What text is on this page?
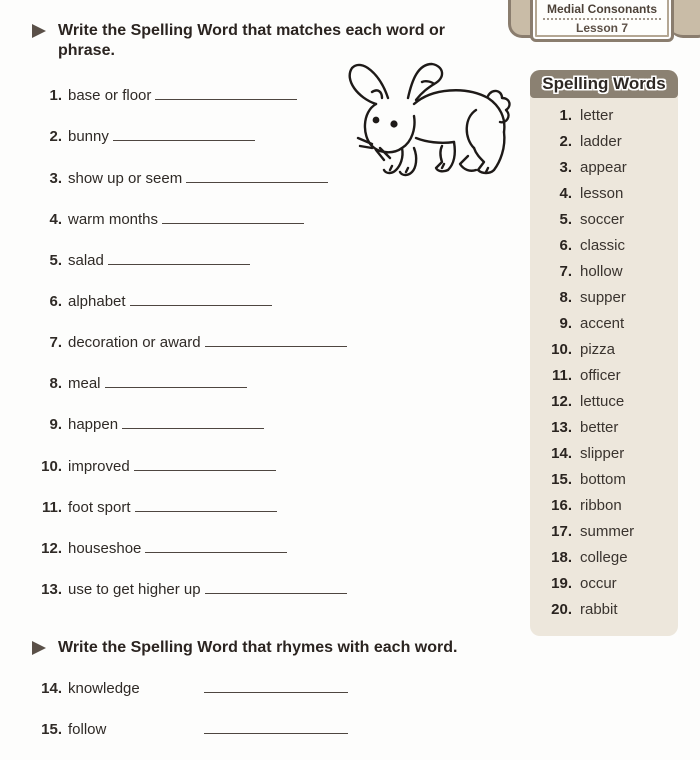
Medial Consonants
Lesson 7
Write the Spelling Word that matches each word or phrase.
1. base or floor
2. bunny
3. show up or seem
4. warm months
5. salad
6. alphabet
7. decoration or award
8. meal
9. happen
10. improved
11. foot sport
12. houseshoe
13. use to get higher up
Write the Spelling Word that rhymes with each word.
14. knowledge
15. follow
Spelling Words
1. letter
2. ladder
3. appear
4. lesson
5. soccer
6. classic
7. hollow
8. supper
9. accent
10. pizza
11. officer
12. lettuce
13. better
14. slipper
15. bottom
16. ribbon
17. summer
18. college
19. occur
20. rabbit
